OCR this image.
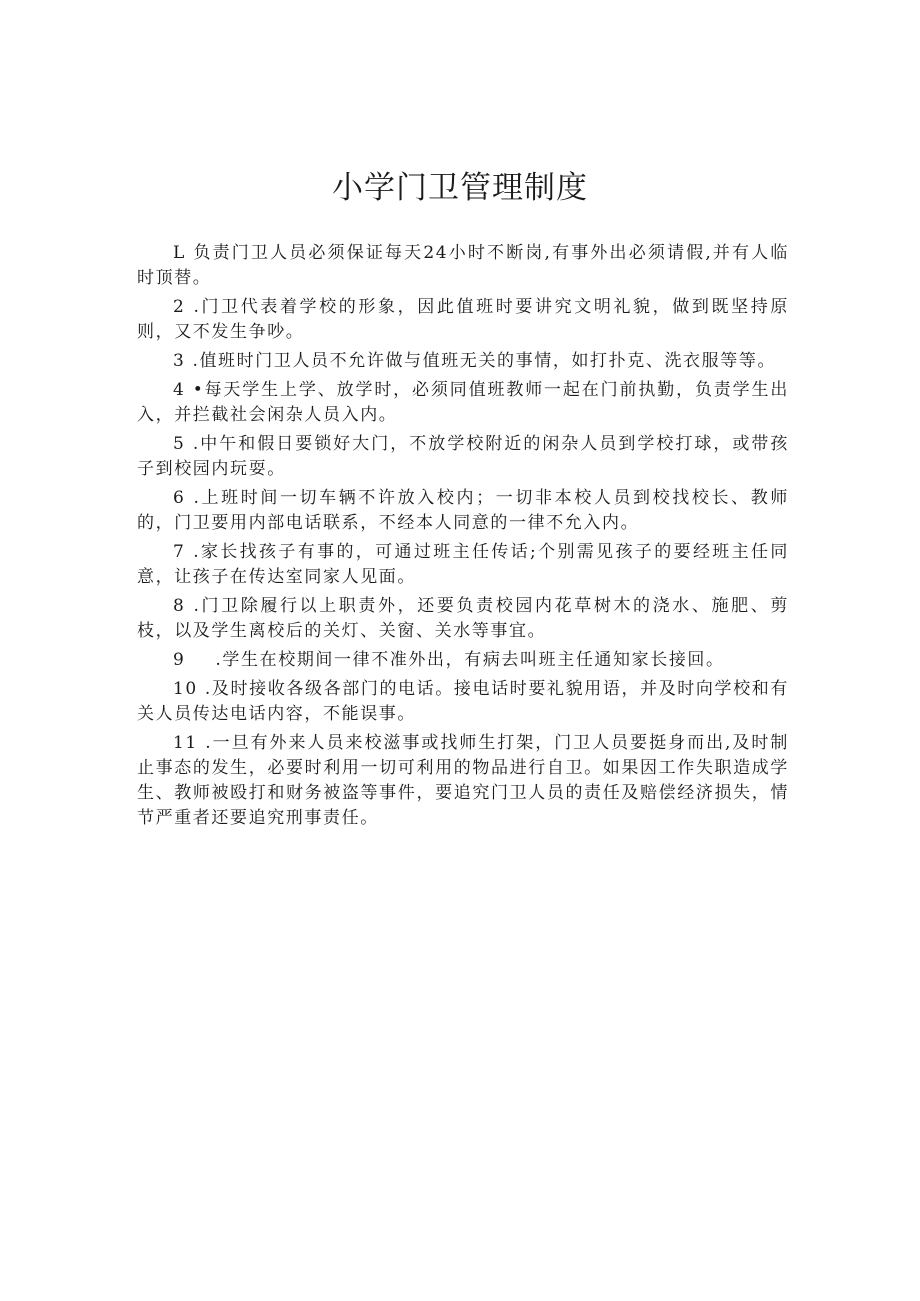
小学门卫管理制度

L 负责门卫人员必须保证每天24小时不断岗,有事外出必须请假,并有人临时顶替。

2 .门卫代表着学校的形象，因此值班时要讲究文明礼貌，做到既坚持原则，又不发生争吵。

3 .值班时门卫人员不允许做与值班无关的事情，如打扑克、洗衣服等等。

4 •每天学生上学、放学时，必须同值班教师一起在门前执勤，负责学生出入，并拦截社会闲杂人员入内。

5 .中午和假日要锁好大门，不放学校附近的闲杂人员到学校打球，或带孩子到校园内玩耍。

6 .上班时间一切车辆不许放入校内；一切非本校人员到校找校长、教师的，门卫要用内部电话联系，不经本人同意的一律不允入内。

7 .家长找孩子有事的，可通过班主任传话;个别需见孩子的要经班主任同意，让孩子在传达室同家人见面。

8 .门卫除履行以上职责外，还要负责校园内花草树木的浇水、施肥、剪枝，以及学生离校后的关灯、关窗、关水等事宜。

9 .学生在校期间一律不准外出，有病去叫班主任通知家长接回。

10 .及时接收各级各部门的电话。接电话时要礼貌用语，并及时向学校和有关人员传达电话内容，不能误事。

11 .一旦有外来人员来校滋事或找师生打架，门卫人员要挺身而出,及时制止事态的发生，必要时利用一切可利用的物品进行自卫。如果因工作失职造成学生、教师被殴打和财务被盗等事件，要追究门卫人员的责任及赔偿经济损失，情节严重者还要追究刑事责任。
